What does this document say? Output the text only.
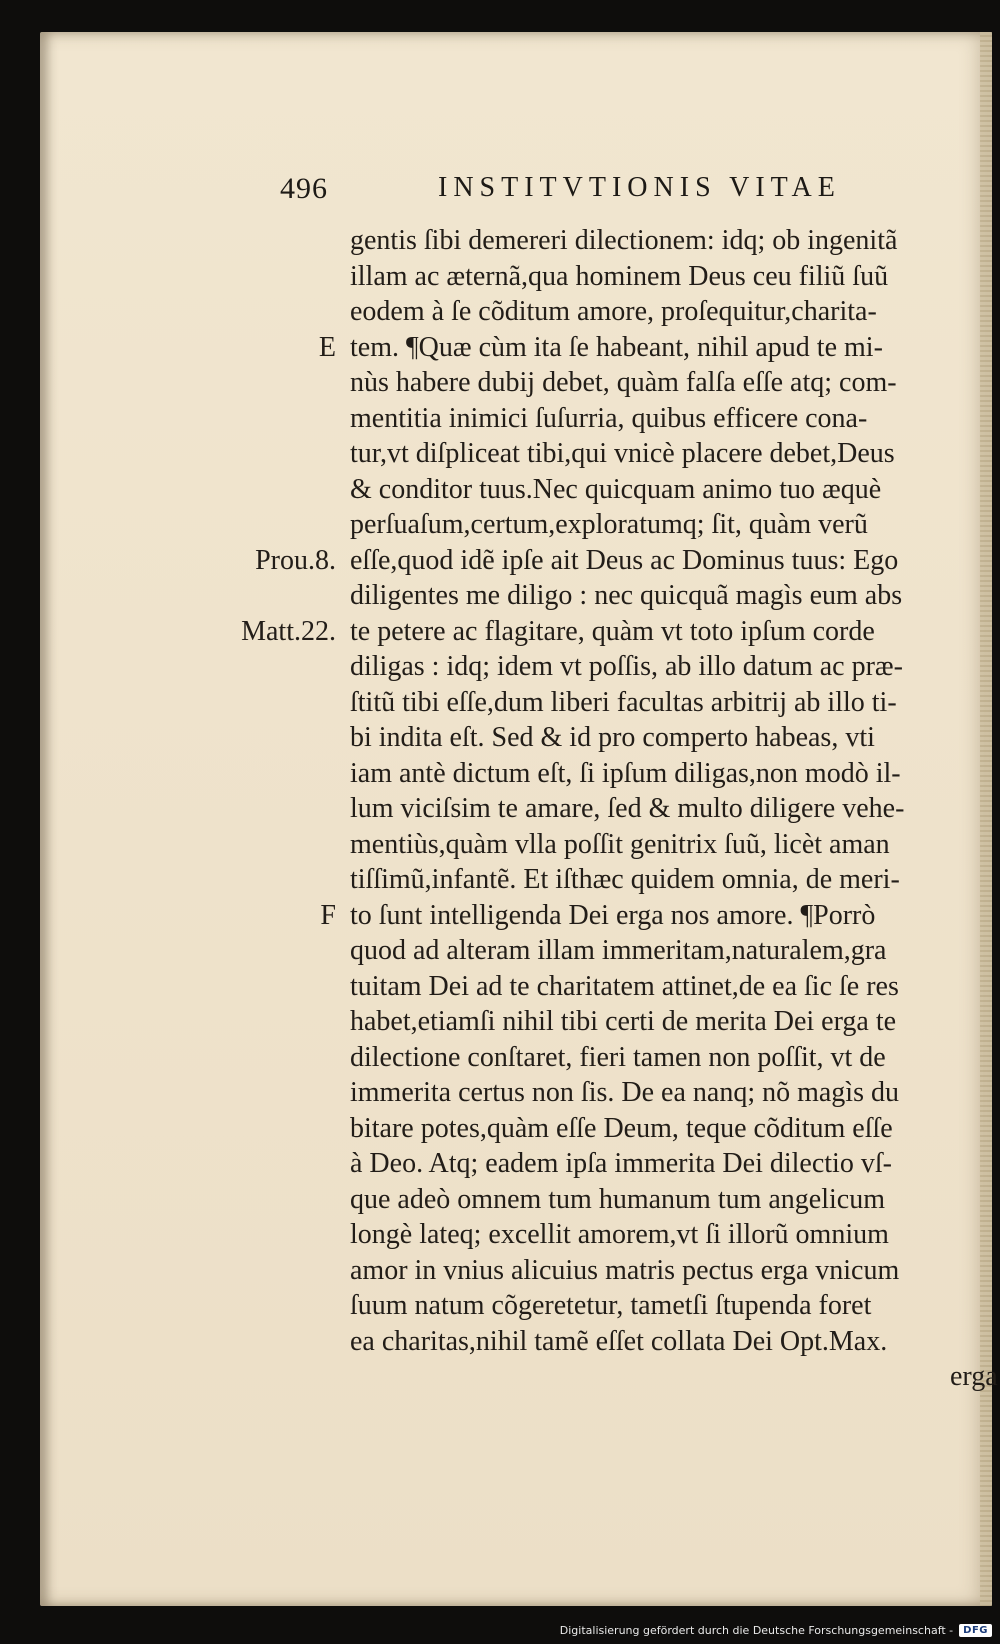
496	INSTITVTIONIS VITAE
gentis ſibi demereri dilectionem: idq; ob ingenitã
illam ac æternã,qua hominem Deus ceu filiũ ſuũ
eodem à ſe cõditum amore, proſequitur,charita-
tem. ¶Quæ cùm ita ſe habeant, nihil apud te mi-
E
nùs habere dubij debet, quàm falſa eſſe atq; com-
mentitia inimici ſuſurria, quibus efficere cona-
tur,vt diſpliceat tibi,qui vnicè placere debet,Deus
& conditor tuus.Nec quicquam animo tuo æquè
perſuaſum,certum,exploratumq; ſit, quàm verũ
eſſe,quod idẽ ipſe ait Deus ac Dominus tuus: Ego
Prou.8.
diligentes me diligo : nec quicquã magìs eum abs
te petere ac flagitare, quàm vt toto ipſum corde
Matt.22.
diligas : idq; idem vt poſſis, ab illo datum ac præ-
ſtitũ tibi eſſe,dum liberi facultas arbitrij ab illo ti-
bi indita eſt. Sed & id pro comperto habeas, vti
iam antè dictum eſt, ſi ipſum diligas,non modò il-
lum viciſsim te amare, ſed & multo diligere vehe-
mentiùs,quàm vlla poſſit genitrix ſuũ, licèt aman
tiſſimũ,infantẽ. Et iſthæc quidem omnia, de meri-
to ſunt intelligenda Dei erga nos amore. ¶Porrò
F
quod ad alteram illam immeritam,naturalem,gra
tuitam Dei ad te charitatem attinet,de ea ſic ſe res
habet,etiamſi nihil tibi certi de merita Dei erga te
dilectione conſtaret, fieri tamen non poſſit, vt de
immerita certus non ſis. De ea nanq; nõ magìs du
bitare potes,quàm eſſe Deum, teque cõditum eſſe
à Deo. Atq; eadem ipſa immerita Dei dilectio vſ-
que adeò omnem tum humanum tum angelicum
longè lateq; excellit amorem,vt ſi illorũ omnium
amor in vnius alicuius matris pectus erga vnicum
ſuum natum cõgeretetur, tametſi ſtupenda foret
ea charitas,nihil tamẽ eſſet collata Dei Opt.Max.
erga
Digitalisierung gefördert durch die Deutsche Forschungsgemeinschaft -	DFG
